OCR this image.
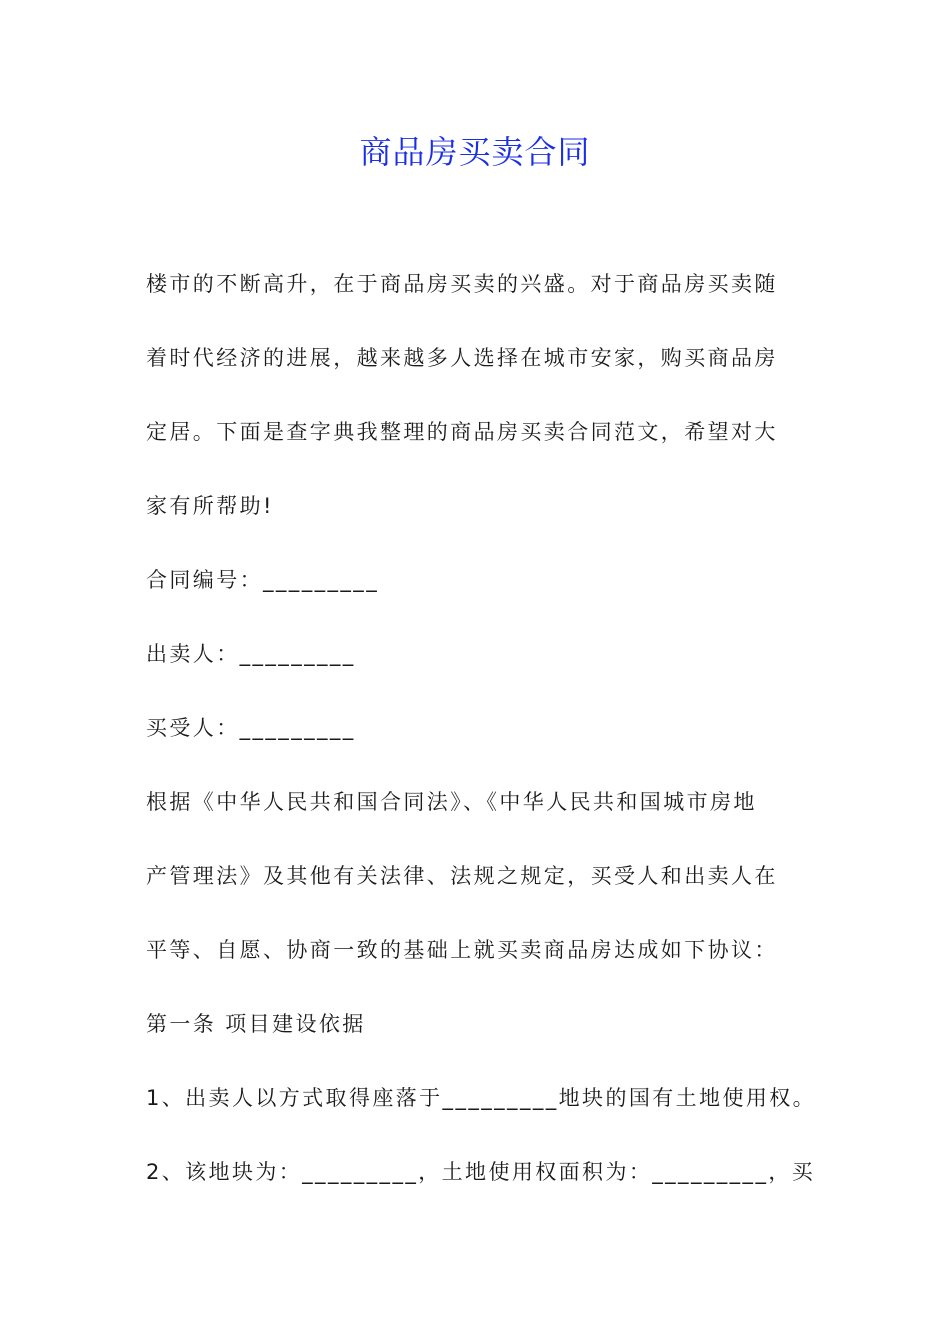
商品房买卖合同

楼市的不断高升，在于商品房买卖的兴盛。对于商品房买卖随
着时代经济的进展，越来越多人选择在城市安家，购买商品房
定居。下面是查字典我整理的商品房买卖合同范文，希望对大
家有所帮助!

合同编号：_________

出卖人：_________

买受人：_________

根据《中华人民共和国合同法》、《中华人民共和国城市房地
产管理法》及其他有关法律、法规之规定，买受人和出卖人在
平等、自愿、协商一致的基础上就买卖商品房达成如下协议：

第一条 项目建设依据

1、出卖人以方式取得座落于_________地块的国有土地使用权。

2、该地块为：_________，土地使用权面积为：_________，买
